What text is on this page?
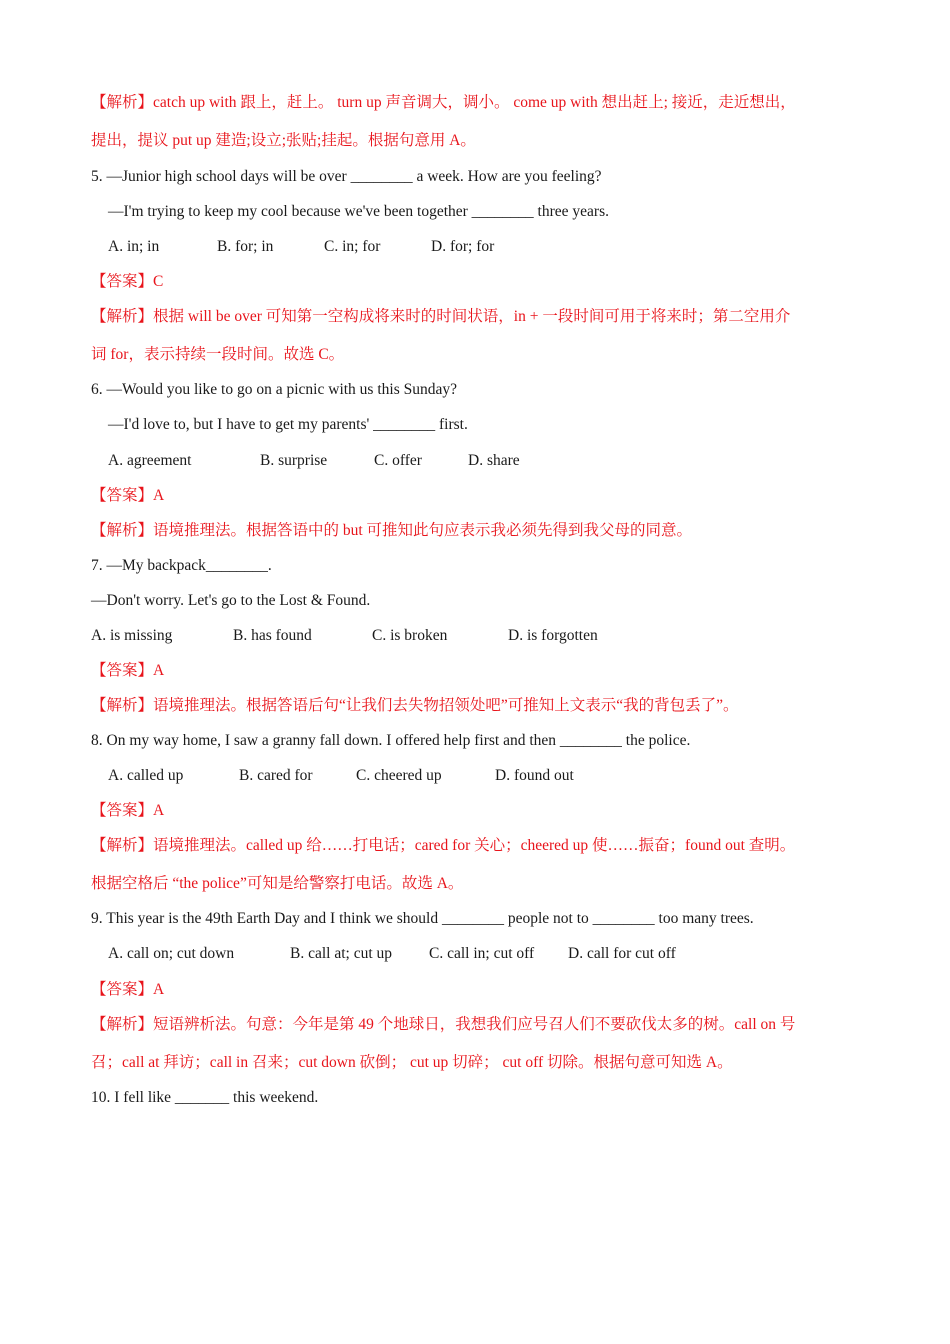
【解析】catch up with 跟上，赶上。 turn up 声音调大，调小。 come up with 想出赶上; 接近，走近想出，
提出，提议 put up 建造;设立;张贴;挂起。根据句意用 A。
5. —Junior high school days will be over ________ a week. How are you feeling?
—I'm trying to keep my cool because we've been together ________ three years.
A. in; in	B. for; in	C. in; for	D. for; for
【答案】C
【解析】根据 will be over 可知第一空构成将来时的时间状语，in + 一段时间可用于将来时；第二空用介
词 for，表示持续一段时间。故选 C。
6. —Would you like to go on a picnic with us this Sunday?
—I'd love to, but I have to get my parents' ________ first.
A. agreement	B. surprise	C. offer	D. share
【答案】A
【解析】语境推理法。根据答语中的 but 可推知此句应表示我必须先得到我父母的同意。
7. —My backpack________.
—Don't worry. Let's go to the Lost & Found.
A. is missing	B. has found	C. is broken	D. is forgotten
【答案】A
【解析】语境推理法。根据答语后句“让我们去失物招领处吧”可推知上文表示“我的背包丢了”。
8. On my way home, I saw a granny fall down. I offered help first and then ________ the police.
A. called up	B. cared for	C. cheered up	D. found out
【答案】A
【解析】语境推理法。called up 给……打电话；cared for 关心；cheered up 使……振奋；found out 查明。
根据空格后 “the police”可知是给警察打电话。故选 A。
9. This year is the 49th Earth Day and I think we should ________ people not to ________ too many trees.
A. call on; cut down	B. call at; cut up C. call in; cut off D. call for cut off
【答案】A
【解析】短语辨析法。句意：今年是第 49 个地球日，我想我们应号召人们不要砍伐太多的树。call on 号
召；call at 拜访；call in 召来；cut down 砍倒； cut up 切碎； cut off 切除。根据句意可知选 A。
10. I fell like _______ this weekend.
